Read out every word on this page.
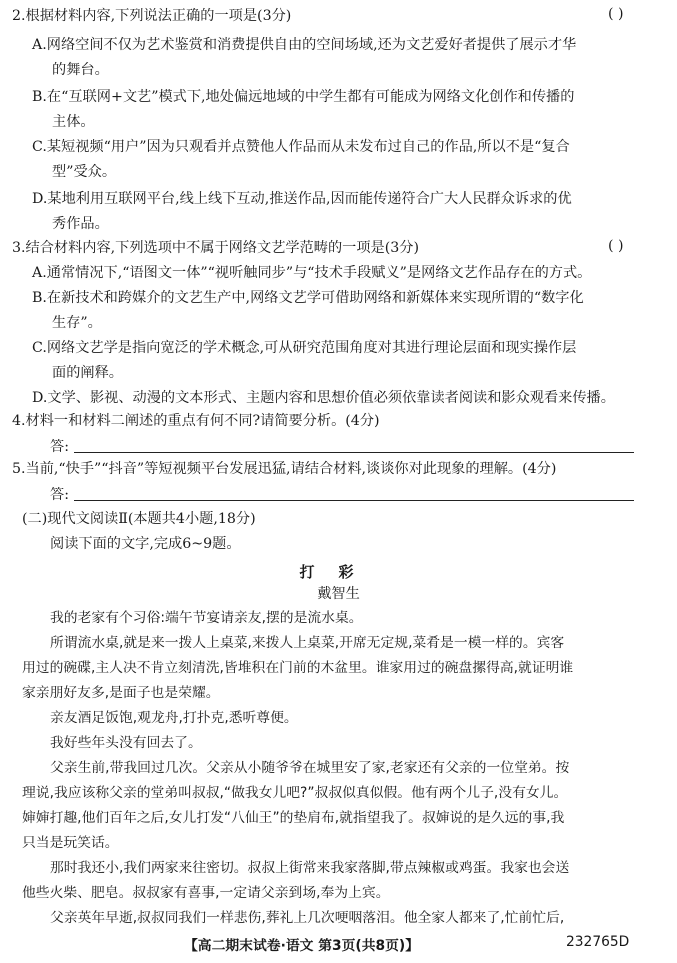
2.根据材料内容,下列说法正确的一项是(3分)	( )
A.网络空间不仅为艺术鉴赏和消费提供自由的空间场域,还为文艺爱好者提供了展示才华
的舞台。
B.在“互联网+文艺”模式下,地处偏远地域的中学生都有可能成为网络文化创作和传播的
主体。
C.某短视频“用户”因为只观看并点赞他人作品而从未发布过自己的作品,所以不是“复合
型”受众。
D.某地利用互联网平台,线上线下互动,推送作品,因而能传递符合广大人民群众诉求的优
秀作品。
3.结合材料内容,下列选项中不属于网络文艺学范畴的一项是(3分)	( )
A.通常情况下,“语图文一体”“视听触同步”与“技术手段赋义”是网络文艺作品存在的方式。
B.在新技术和跨媒介的文艺生产中,网络文艺学可借助网络和新媒体来实现所谓的“数字化
生存”。
C.网络文艺学是指向宽泛的学术概念,可从研究范围角度对其进行理论层面和现实操作层
面的阐释。
D.文学、影视、动漫的文本形式、主题内容和思想价值必须依靠读者阅读和影众观看来传播。
4.材料一和材料二阐述的重点有何不同?请简要分析。(4分)
答:
5.当前,“快手”“抖音”等短视频平台发展迅猛,请结合材料,谈谈你对此现象的理解。(4分)
答:
(二)现代文阅读Ⅱ(本题共4小题,18分)
阅读下面的文字,完成6~9题。
打彩
戴智生
我的老家有个习俗:端午节宴请亲友,摆的是流水桌。
所谓流水桌,就是来一拨人上桌菜,来拨人上桌菜,开席无定规,菜肴是一模一样的。宾客
用过的碗碟,主人决不肯立刻清洗,皆堆积在门前的木盆里。谁家用过的碗盘摞得高,就证明谁
家亲朋好友多,是面子也是荣耀。
亲友酒足饭饱,观龙舟,打扑克,悉听尊便。
我好些年头没有回去了。
父亲生前,带我回过几次。父亲从小随爷爷在城里安了家,老家还有父亲的一位堂弟。按
理说,我应该称父亲的堂弟叫叔叔,“做我女儿吧?”叔叔似真似假。他有两个儿子,没有女儿。
婶婶打趣,他们百年之后,女儿打发“八仙王”的垫肩布,就指望我了。叔婶说的是久远的事,我
只当是玩笑话。
那时我还小,我们两家来往密切。叔叔上街常来我家落脚,带点辣椒或鸡蛋。我家也会送
他些火柴、肥皂。叔叔家有喜事,一定请父亲到场,奉为上宾。
父亲英年早逝,叔叔同我们一样悲伤,葬礼上几次哽咽落泪。他全家人都来了,忙前忙后,
【高二期末试卷·语文 第3页(共8页)】	232765D
